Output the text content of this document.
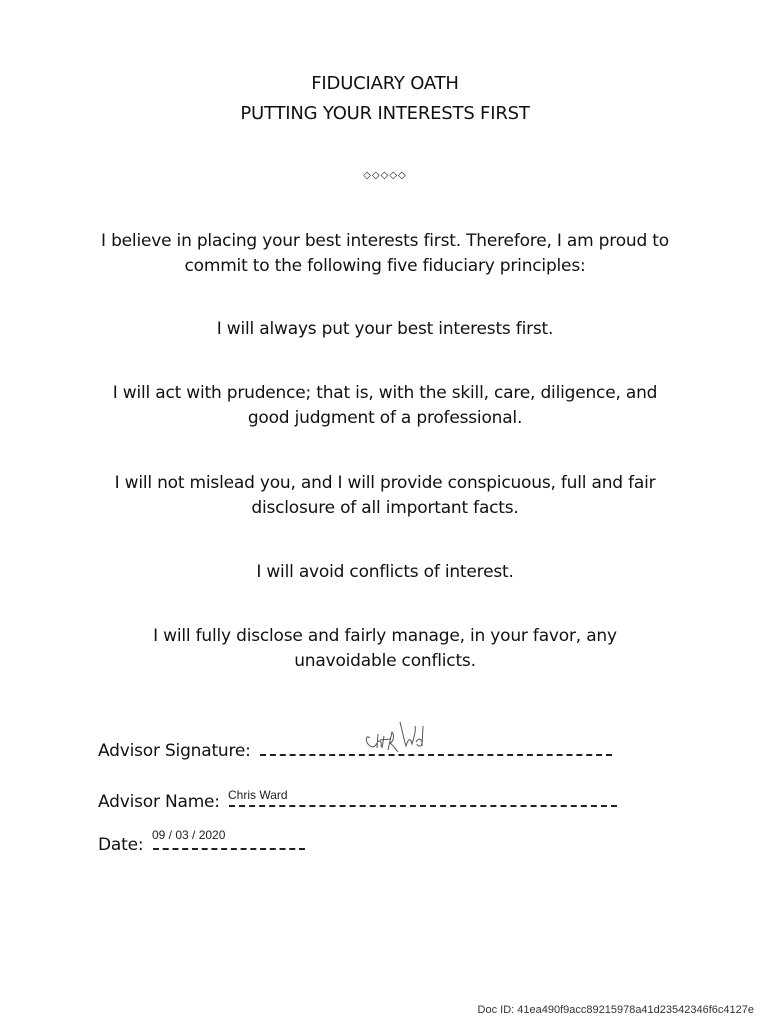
FIDUCIARY OATH
PUTTING YOUR INTERESTS FIRST
◇◇◇◇◇
I believe in placing your best interests first. Therefore, I am proud to commit to the following five fiduciary principles:
I will always put your best interests first.
I will act with prudence; that is, with the skill, care, diligence, and good judgment of a professional.
I will not mislead you, and I will provide conspicuous, full and fair disclosure of all important facts.
I will avoid conflicts of interest.
I will fully disclose and fairly manage, in your favor, any unavoidable conflicts.
Advisor Signature:
Advisor Name: Chris Ward
Date: 09 / 03 / 2020
Doc ID: 41ea490f9acc89215978a41d23542346f6c4127e
